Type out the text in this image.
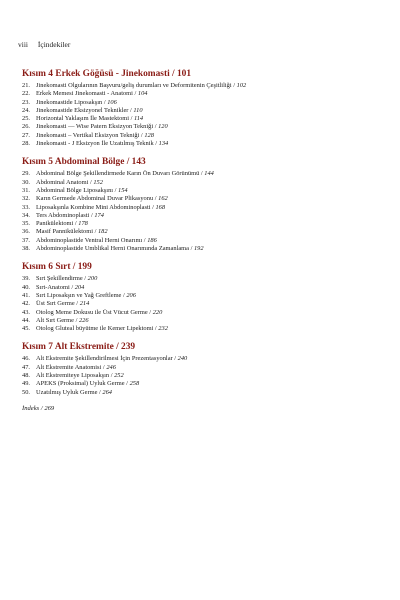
viii İçindekiler
Kısım 4 Erkek Göğüsü - Jinekomasti / 101
21. Jinekomasti Olgularının Başvuru/geliş durumları ve Deformitenin Çeşitliliği / 102
22. Erkek Memesi Jinekomasti - Anatomi / 104
23. Jinekomastide Liposakşın / 106
24. Jinekomastide Eksizyonel Teknikler / 110
25. Horizontal Yaklaşım İle Mastektomi / 114
26. Jinekomasti — Wise Patern Eksizyon Tekniği / 120
27. Jinekomasti – Vertikal Eksizyon Tekniği / 128
28. Jinekomasti - J Eksizyon İle Uzatılmış Teknik / 134
Kısım 5 Abdominal Bölge / 143
29. Abdominal Bölge Şekillendirmede Karın Ön Duvarı Görünümü / 144
30. Abdominal Anatomi / 152
31. Abdominal Bölge Liposakşını / 154
32. Karın Germede Abdominal Duvar Plikasyonu / 162
33. Liposakşınla Kombine Mini Abdominoplasti / 168
34. Ters Abdominoplasti / 174
35. Panikülektomi / 178
36. Masif Pannikülektomi / 182
37. Abdominoplastide Ventral Herni Onarımı / 186
38. Abdominoplastide Umblikal Herni Onarımında Zamanlama / 192
Kısım 6 Sırt / 199
39. Sırt Şekillendirme / 200
40. Sırt-Anatomi / 204
41. Sırt Liposakşın ve Yağ Greftleme / 206
42. Üst Sırt Germe / 214
43. Otolog Meme Dokusu ile Üst Vücut Germe / 220
44. Alt Sırt Germe / 226
45. Otolog Gluteal büyütme ile Kemer Lipektomi / 232
Kısım 7 Alt Ekstremite / 239
46. Alt Ekstremite Şekillendirilmesi İçin Prezentasyonlar / 240
47. Alt Ekstremite Anatomisi / 246
48. Alt Ekstremiteye Liposakşın / 252
49. APEKS (Proksimal) Uyluk Germe / 258
50. Uzatılmış Uyluk Germe / 264
İndeks / 269
